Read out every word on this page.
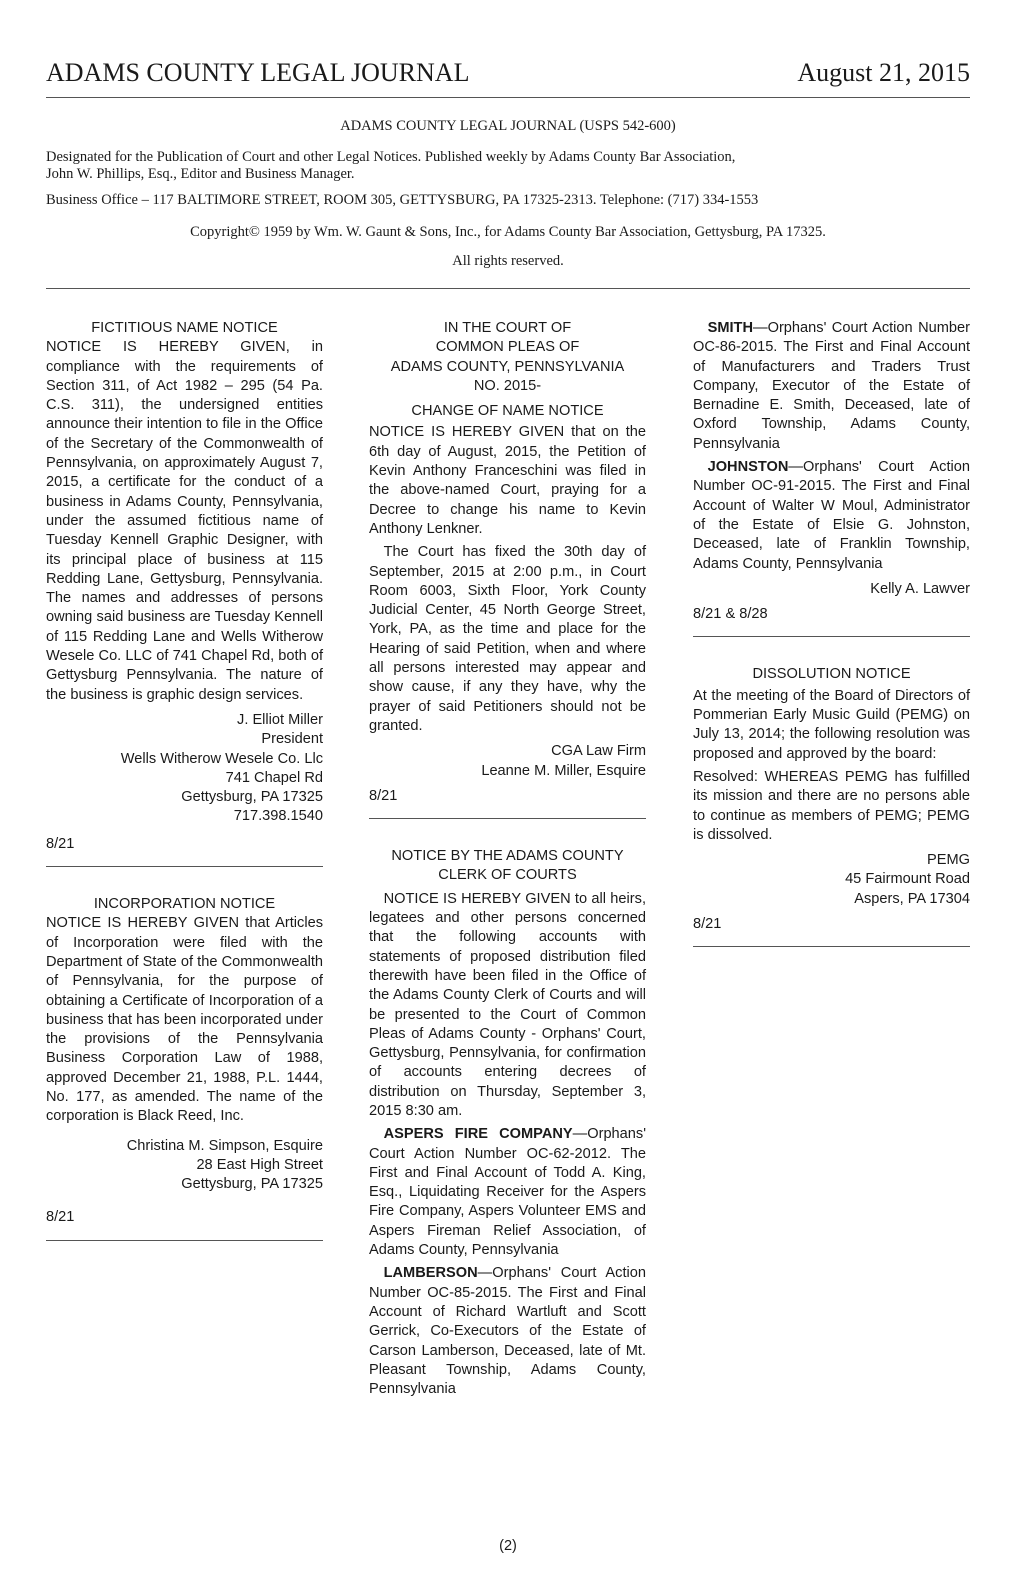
ADAMS COUNTY LEGAL JOURNAL	August 21, 2015

ADAMS COUNTY LEGAL JOURNAL (USPS 542-600)

Designated for the Publication of Court and other Legal Notices. Published weekly by Adams County Bar Association,

John W. Phillips, Esq., Editor and Business Manager.

Business Office – 117 BALTIMORE STREET, ROOM 305, GETTYSBURG, PA 17325-2313. Telephone: (717) 334-1553

Copyright© 1959 by Wm. W. Gaunt & Sons, Inc., for Adams County Bar Association, Gettysburg, PA 17325.

All rights reserved.

FICTITIOUS NAME NOTICE

NOTICE IS HEREBY GIVEN, in compliance with the requirements of Section 311, of Act 1982 – 295 (54 Pa. C.S. 311), the undersigned entities announce their intention to file in the Office of the Secretary of the Commonwealth of Pennsylvania, on approximately August 7, 2015, a certificate for the conduct of a business in Adams County, Pennsylvania, under the assumed fictitious name of Tuesday Kennell Graphic Designer, with its principal place of business at 115 Redding Lane, Gettysburg, Pennsylvania. The names and addresses of persons owning said business are Tuesday Kennell of 115 Redding Lane and Wells Witherow Wesele Co. LLC of 741 Chapel Rd, both of Gettysburg Pennsylvania. The nature of the business is graphic design services.

J. Elliot Miller
President
Wells Witherow Wesele Co. Llc
741 Chapel Rd
Gettysburg, PA 17325
717.398.1540

8/21

INCORPORATION NOTICE

NOTICE IS HEREBY GIVEN that Articles of Incorporation were filed with the Department of State of the Commonwealth of Pennsylvania, for the purpose of obtaining a Certificate of Incorporation of a business that has been incorporated under the provisions of the Pennsylvania Business Corporation Law of 1988, approved December 21, 1988, P.L. 1444, No. 177, as amended. The name of the corporation is Black Reed, Inc.

Christina M. Simpson, Esquire
28 East High Street
Gettysburg, PA 17325

8/21

IN THE COURT OF

COMMON PLEAS OF

ADAMS COUNTY, PENNSYLVANIA

NO. 2015-

CHANGE OF NAME NOTICE

NOTICE IS HEREBY GIVEN that on the 6th day of August, 2015, the Petition of Kevin Anthony Franceschini was filed in the above-named Court, praying for a Decree to change his name to Kevin Anthony Lenkner.

The Court has fixed the 30th day of September, 2015 at 2:00 p.m., in Court Room 6003, Sixth Floor, York County Judicial Center, 45 North George Street, York, PA, as the time and place for the Hearing of said Petition, when and where all persons interested may appear and show cause, if any they have, why the prayer of said Petitioners should not be granted.

CGA Law Firm
Leanne M. Miller, Esquire

8/21

NOTICE BY THE ADAMS COUNTY

CLERK OF COURTS

NOTICE IS HEREBY GIVEN to all heirs, legatees and other persons concerned that the following accounts with statements of proposed distribution filed therewith have been filed in the Office of the Adams County Clerk of Courts and will be presented to the Court of Common Pleas of Adams County - Orphans' Court, Gettysburg, Pennsylvania, for confirmation of accounts entering decrees of distribution on Thursday, September 3, 2015 8:30 am.

ASPERS FIRE COMPANY—Orphans' Court Action Number OC-62-2012. The First and Final Account of Todd A. King, Esq., Liquidating Receiver for the Aspers Fire Company, Aspers Volunteer EMS and Aspers Fireman Relief Association, of Adams County, Pennsylvania

LAMBERSON—Orphans' Court Action Number OC-85-2015. The First and Final Account of Richard Wartluft and Scott Gerrick, Co-Executors of the Estate of Carson Lamberson, Deceased, late of Mt. Pleasant Township, Adams County, Pennsylvania

SMITH—Orphans' Court Action Number OC-86-2015. The First and Final Account of Manufacturers and Traders Trust Company, Executor of the Estate of Bernadine E. Smith, Deceased, late of Oxford Township, Adams County, Pennsylvania

JOHNSTON—Orphans' Court Action Number OC-91-2015. The First and Final Account of Walter W Moul, Administrator of the Estate of Elsie G. Johnston, Deceased, late of Franklin Township, Adams County, Pennsylvania

Kelly A. Lawver

8/21 & 8/28

DISSOLUTION NOTICE

At the meeting of the Board of Directors of Pommerian Early Music Guild (PEMG) on July 13, 2014; the following resolution was proposed and approved by the board:

Resolved: WHEREAS PEMG has fulfilled its mission and there are no persons able to continue as members of PEMG; PEMG is dissolved.

PEMG
45 Fairmount Road
Aspers, PA 17304

8/21

(2)
